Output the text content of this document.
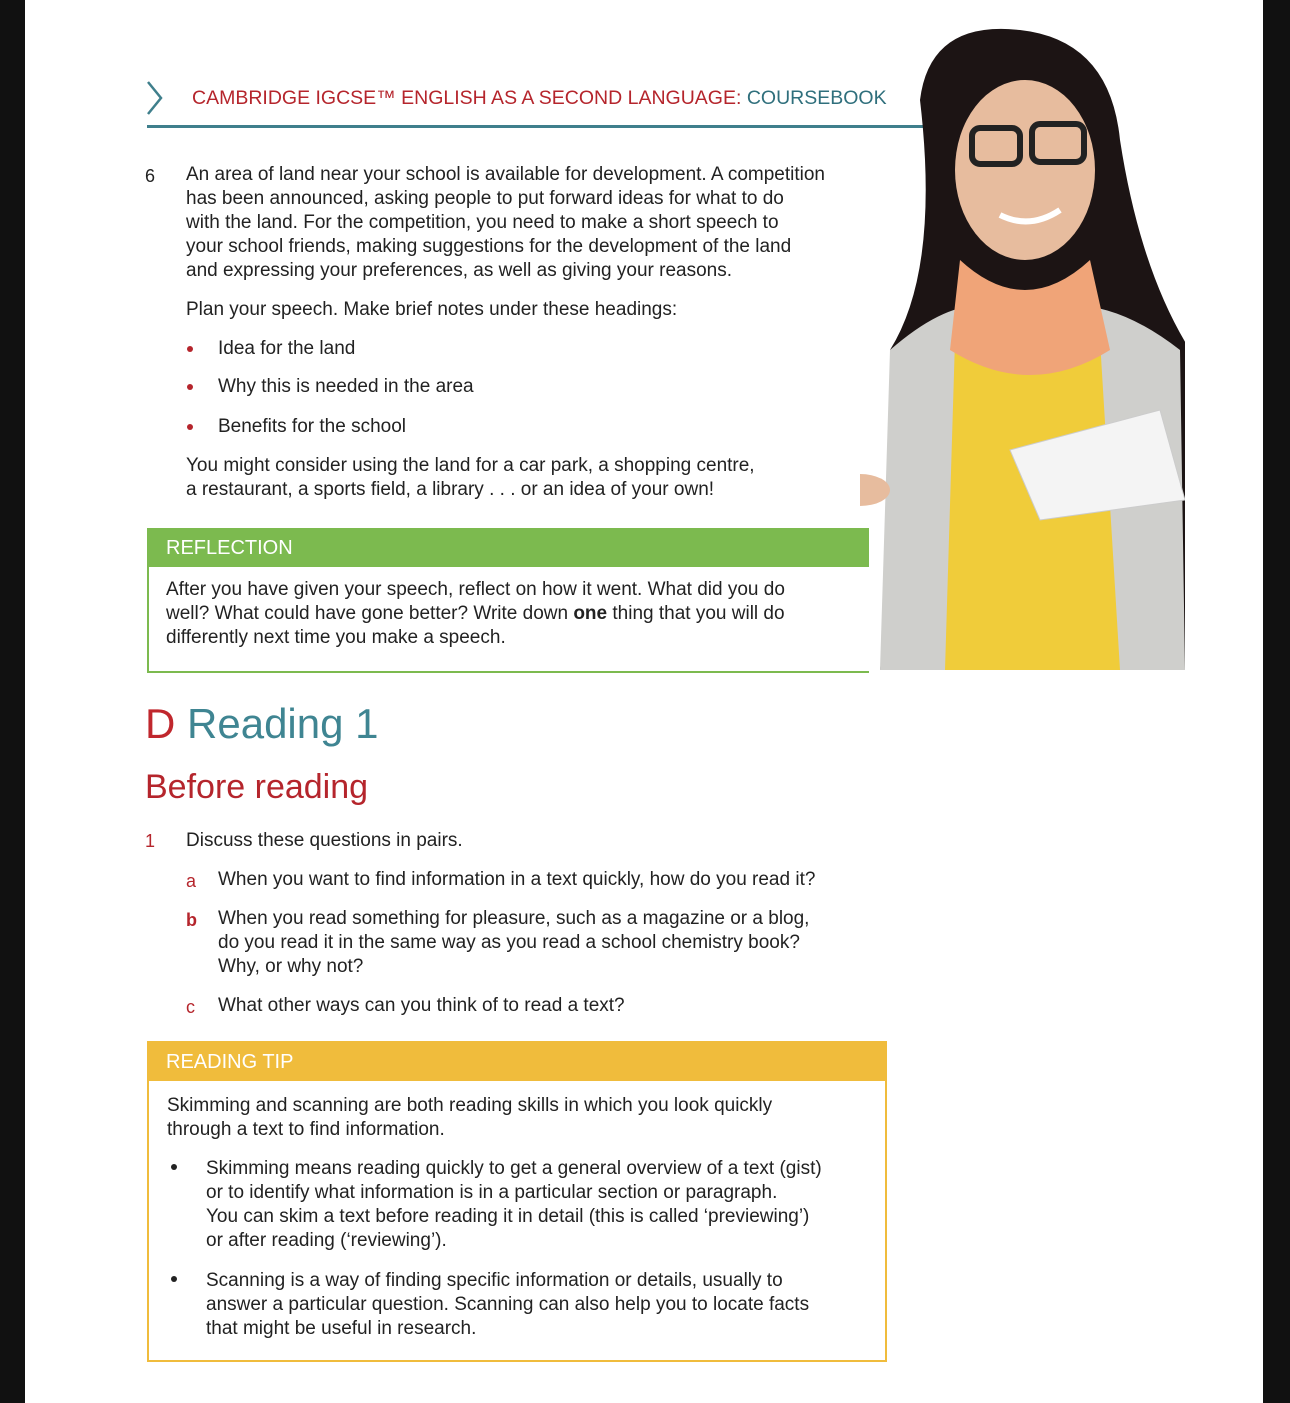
CAMBRIDGE IGCSE™ ENGLISH AS A SECOND LANGUAGE: COURSEBOOK
6 An area of land near your school is available for development. A competition
has been announced, asking people to put forward ideas for what to do
with the land. For the competition, you need to make a short speech to
your school friends, making suggestions for the development of the land
and expressing your preferences, as well as giving your reasons.
Plan your speech. Make brief notes under these headings:
Idea for the land
Why this is needed in the area
Benefits for the school
You might consider using the land for a car park, a shopping centre,
a restaurant, a sports field, a library . . . or an idea of your own!
REFLECTION
After you have given your speech, reflect on how it went. What did you do
well? What could have gone better? Write down one thing that you will do
differently next time you make a speech.
D Reading 1
Before reading
1 Discuss these questions in pairs.
a When you want to find information in a text quickly, how do you read it?
b When you read something for pleasure, such as a magazine or a blog,
do you read it in the same way as you read a school chemistry book?
Why, or why not?
c What other ways can you think of to read a text?
READING TIP
Skimming and scanning are both reading skills in which you look quickly
through a text to find information.
Skimming means reading quickly to get a general overview of a text (gist)
or to identify what information is in a particular section or paragraph.
You can skim a text before reading it in detail (this is called ‘previewing’)
or after reading (‘reviewing’).
Scanning is a way of finding specific information or details, usually to
answer a particular question. Scanning can also help you to locate facts
that might be useful in research.
